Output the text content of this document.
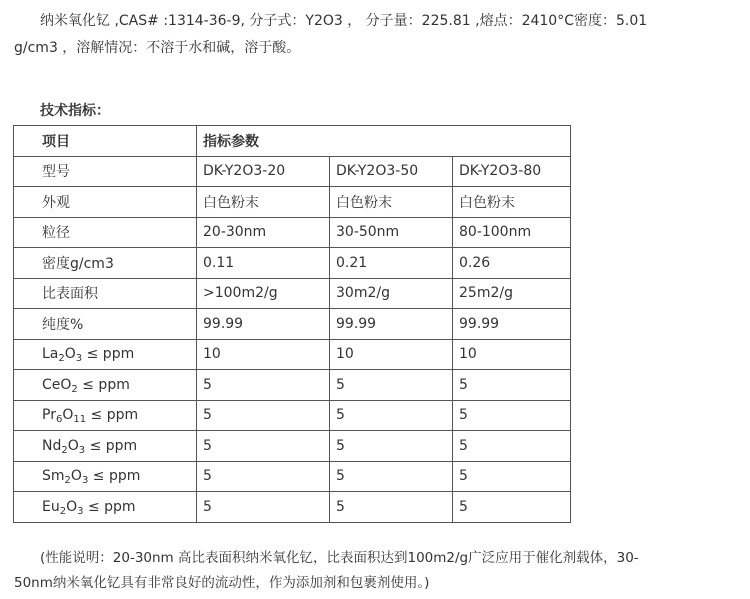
纳米氧化钇 ,CAS# :1314-36-9, 分子式：Y2O3 ， 分子量：225.81 ,熔点：2410°C密度：5.01
g/cm3 ，溶解情况：不溶于水和碱，溶于酸。
技术指标：
项目	指标参数		
型号	DK-Y2O3-20	DK-Y2O3-50	DK-Y2O3-80
外观	白色粉末	白色粉末	白色粉末
粒径	20-30nm	30-50nm	80-100nm
密度g/cm3	0.11	0.21	0.26
比表面积	>100m2/g	30m2/g	25m2/g
纯度%	99.99	99.99	99.99
$La_2O_3$ ≤ ppm	10	10	10
CeO$_2$ ≤ ppm	5	5	5
$Pr_6O_{11}$ ≤ ppm	5	5	5
$Nd_2O_3$ ≤ ppm	5	5	5
$Sm_2O_3$ ≤ ppm	5	5	5
$Eu_2O_3$ ≤ ppm	5	5	5
(性能说明：20-30nm 高比表面积纳米氧化钇，比表面积达到100m2/g广泛应用于催化剂载体，30-
50nm纳米氧化钇具有非常良好的流动性，作为添加剂和包裹剂使用。)
